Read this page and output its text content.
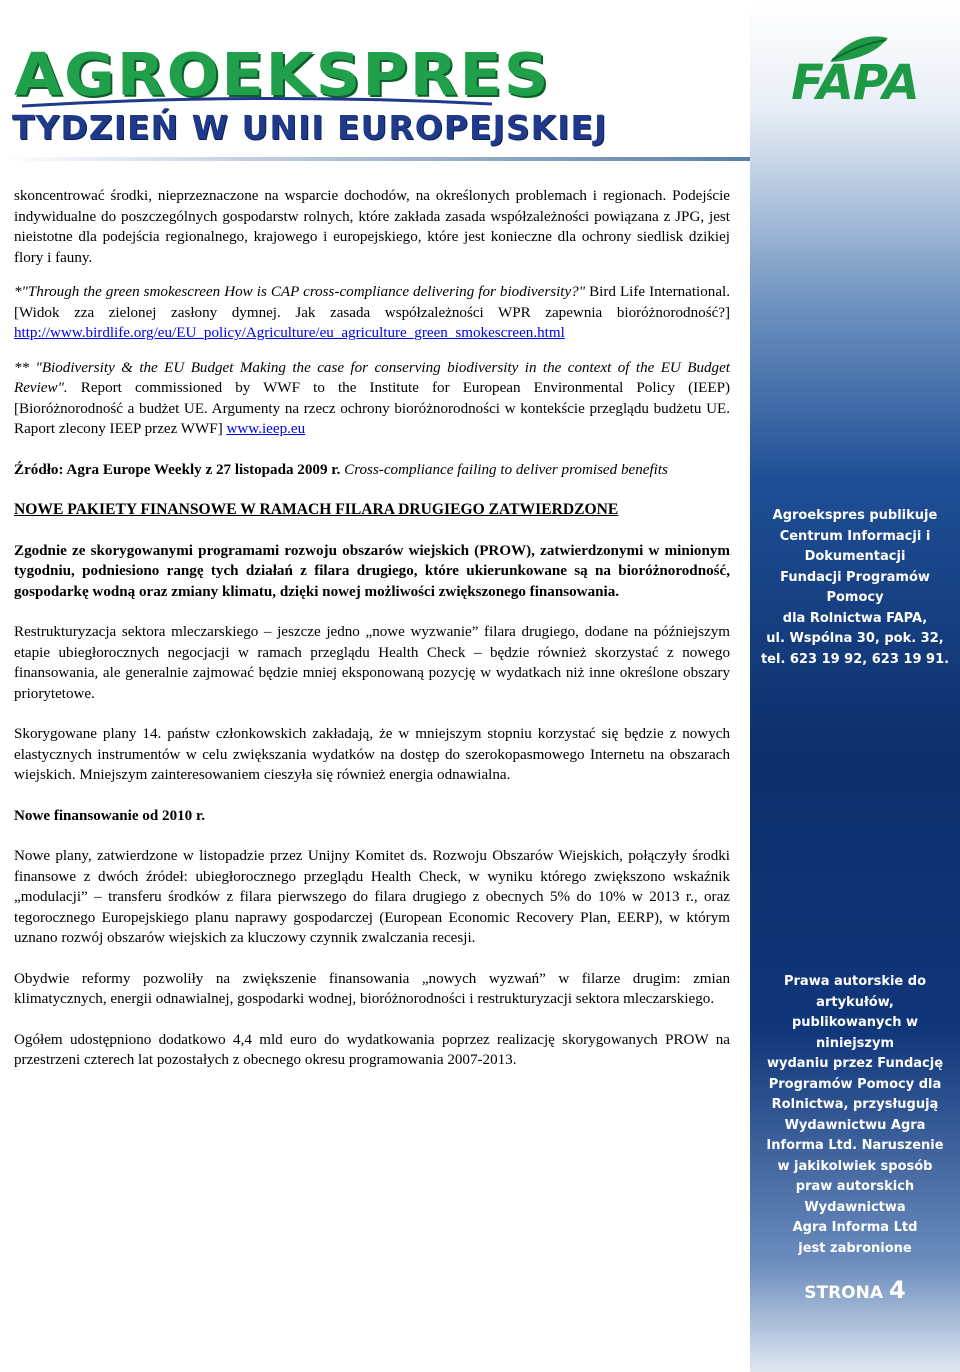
AGROEKSPRES
TYDZIEŃ W UNII EUROPEJSKIEJ
FAPA
Agroekspres publikuje
Centrum Informacji i Dokumentacji
Fundacji Programów Pomocy
dla Rolnictwa FAPA,
ul. Wspólna 30, pok. 32,
tel. 623 19 92, 623 19 91.
Prawa autorskie do artykułów,
publikowanych w niniejszym
wydaniu przez Fundację
Programów Pomocy dla
Rolnictwa, przysługują
Wydawnictwu Agra
Informa Ltd. Naruszenie
w jakikolwiek sposób
praw autorskich Wydawnictwa
Agra Informa Ltd
jest zabronione
STRONA 4

skoncentrować środki, nieprzeznaczone na wsparcie dochodów, na określonych problemach i regionach. Podejście indywidualne do poszczególnych gospodarstw rolnych, które zakłada zasada współzależności powiązana z JPG, jest nieistotne dla podejścia regionalnego, krajowego i europejskiego, które jest konieczne dla ochrony siedlisk dzikiej flory i fauny.

*"Through the green smokescreen How is CAP cross-compliance delivering for biodiversity?" Bird Life International. [Widok zza zielonej zasłony dymnej. Jak zasada współzależności WPR zapewnia bioróżnorodność?] http://www.birdlife.org/eu/EU_policy/Agriculture/eu_agriculture_green_smokescreen.html

** "Biodiversity & the EU Budget Making the case for conserving biodiversity in the context of the EU Budget Review". Report commissioned by WWF to the Institute for European Environmental Policy (IEEP) [Bioróżnorodność a budżet UE. Argumenty na rzecz ochrony bioróżnorodności w kontekście przeglądu budżetu UE. Raport zlecony IEEP przez WWF] www.ieep.eu

Źródło: Agra Europe Weekly z 27 listopada 2009 r. Cross-compliance failing to deliver promised benefits

NOWE PAKIETY FINANSOWE W RAMACH FILARA DRUGIEGO ZATWIERDZONE

Zgodnie ze skorygowanymi programami rozwoju obszarów wiejskich (PROW), zatwierdzonymi w minionym tygodniu, podniesiono rangę tych działań z filara drugiego, które ukierunkowane są na bioróżnorodność, gospodarkę wodną oraz zmiany klimatu, dzięki nowej możliwości zwiększonego finansowania.

Restrukturyzacja sektora mleczarskiego – jeszcze jedno „nowe wyzwanie” filara drugiego, dodane na późniejszym etapie ubiegłorocznych negocjacji w ramach przeglądu Health Check – będzie również skorzystać z nowego finansowania, ale generalnie zajmować będzie mniej eksponowaną pozycję w wydatkach niż inne określone obszary priorytetowe.

Skorygowane plany 14. państw członkowskich zakładają, że w mniejszym stopniu korzystać się będzie z nowych elastycznych instrumentów w celu zwiększania wydatków na dostęp do szerokopasmowego Internetu na obszarach wiejskich. Mniejszym zainteresowaniem cieszyła się również energia odnawialna.

Nowe finansowanie od 2010 r.

Nowe plany, zatwierdzone w listopadzie przez Unijny Komitet ds. Rozwoju Obszarów Wiejskich, połączyły środki finansowe z dwóch źródeł: ubiegłorocznego przeglądu Health Check, w wyniku którego zwiększono wskaźnik „modulacji” – transferu środków z filara pierwszego do filara drugiego z obecnych 5% do 10% w 2013 r., oraz tegorocznego Europejskiego planu naprawy gospodarczej (European Economic Recovery Plan, EERP), w którym uznano rozwój obszarów wiejskich za kluczowy czynnik zwalczania recesji.

Obydwie reformy pozwoliły na zwiększenie finansowania „nowych wyzwań” w filarze drugim: zmian klimatycznych, energii odnawialnej, gospodarki wodnej, bioróżnorodności i restrukturyzacji sektora mleczarskiego.

Ogółem udostępniono dodatkowo 4,4 mld euro do wydatkowania poprzez realizację skorygowanych PROW na przestrzeni czterech lat pozostałych z obecnego okresu programowania 2007-2013.
